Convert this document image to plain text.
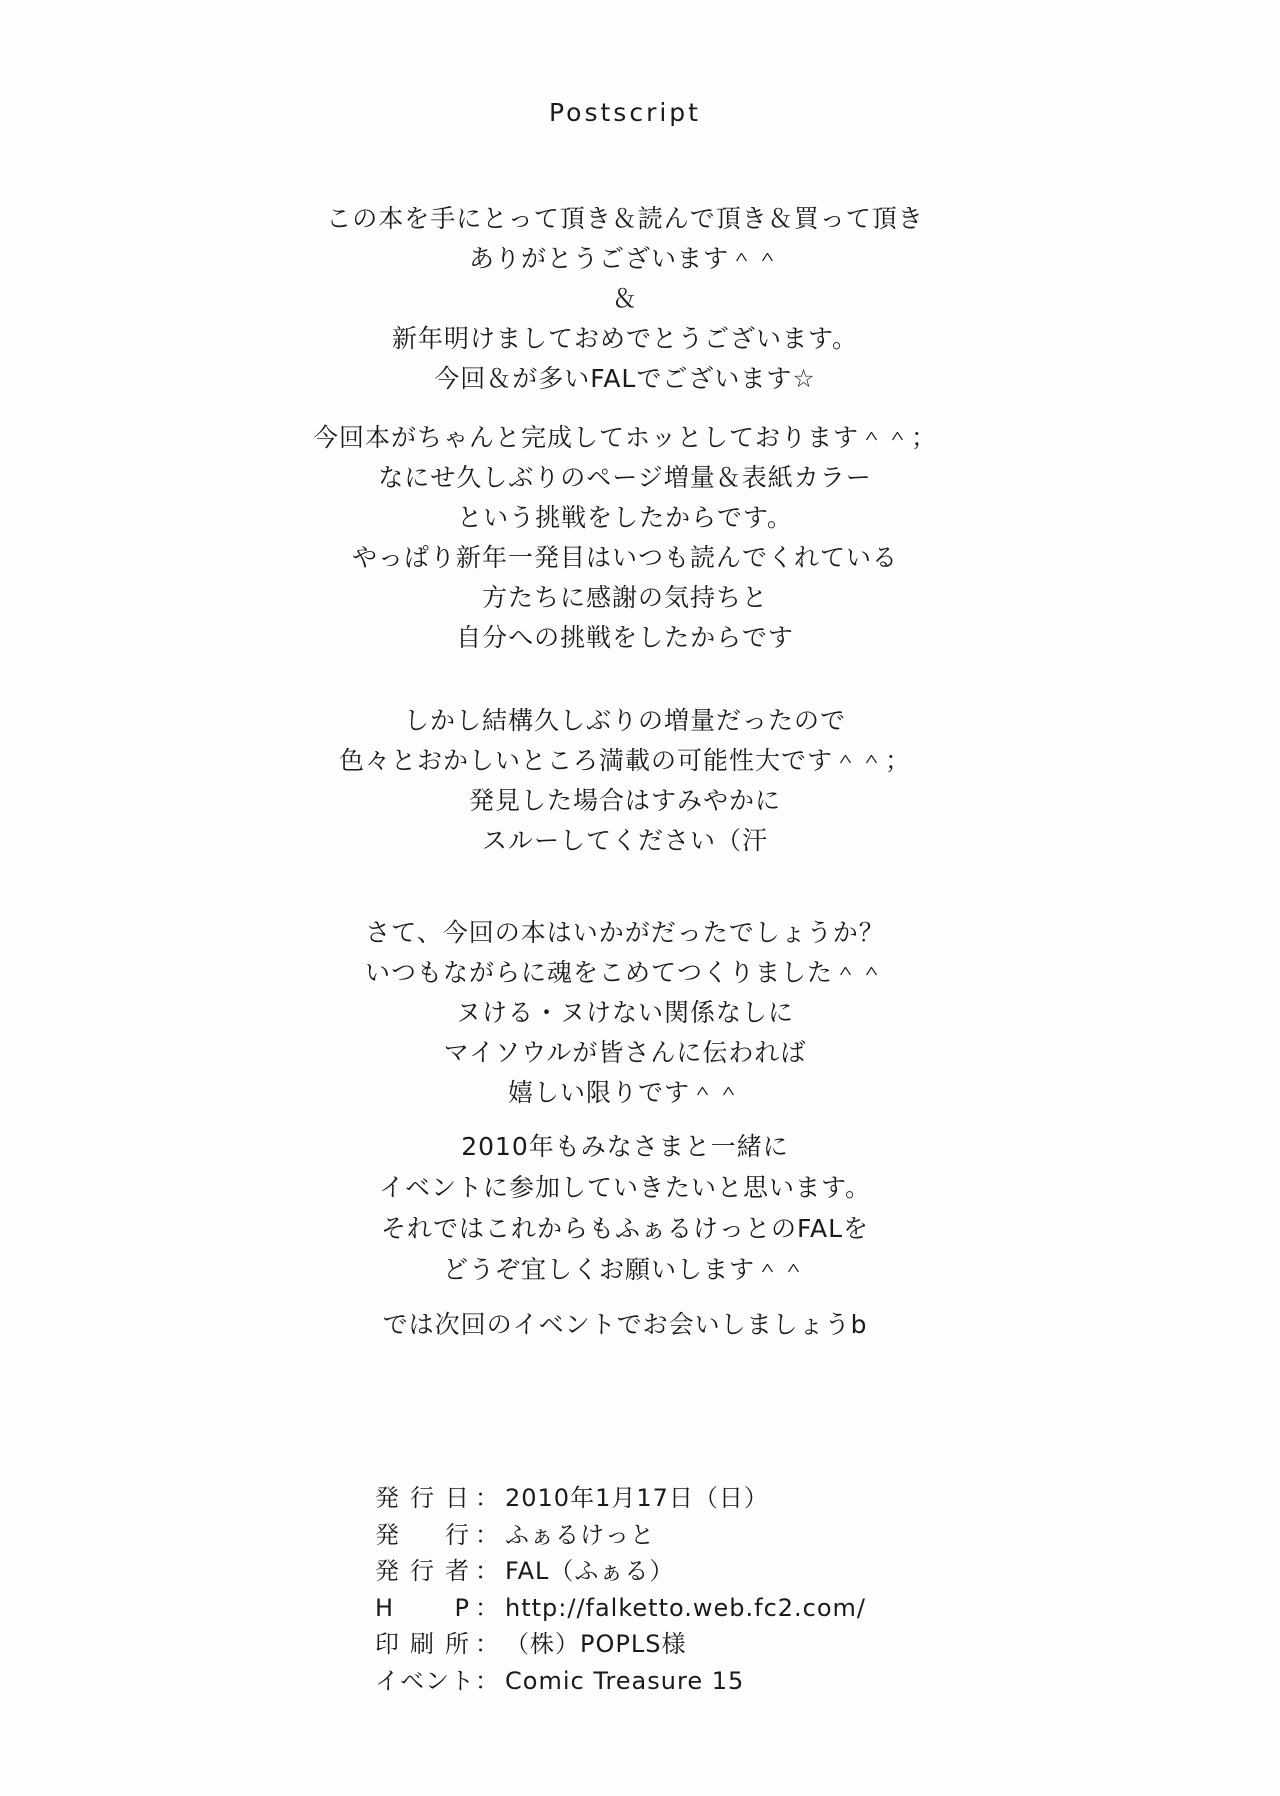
Postscript
この本を手にとって頂き＆読んで頂き＆買って頂き
ありがとうございます＾＾
＆
新年明けましておめでとうございます。
今回＆が多いFALでございます☆
今回本がちゃんと完成してホッとしております＾＾；
なにせ久しぶりのページ増量＆表紙カラー
という挑戦をしたからです。
やっぱり新年一発目はいつも読んでくれている
方たちに感謝の気持ちと
自分への挑戦をしたからです
しかし結構久しぶりの増量だったので
色々とおかしいところ満載の可能性大です＾＾；
発見した場合はすみやかに
スルーしてください（汗
さて、今回の本はいかがだったでしょうか？
いつもながらに魂をこめてつくりました＾＾
ヌける・ヌけない関係なしに
マイソウルが皆さんに伝われば
嬉しい限りです＾＾
2010年もみなさまと一緒に
イベントに参加していきたいと思います。
それではこれからもふぁるけっとのFALを
どうぞ宜しくお願いします＾＾
では次回のイベントでお会いしましょうb
発行日 ： 2010年1月17日（日）
発 行 ： ふぁるけっと
発行者 ： FAL（ふぁる）
H P ： http://falketto.web.fc2.com/
印刷所 ： （株）POPLS様
イベント： Comic Treasure 15
